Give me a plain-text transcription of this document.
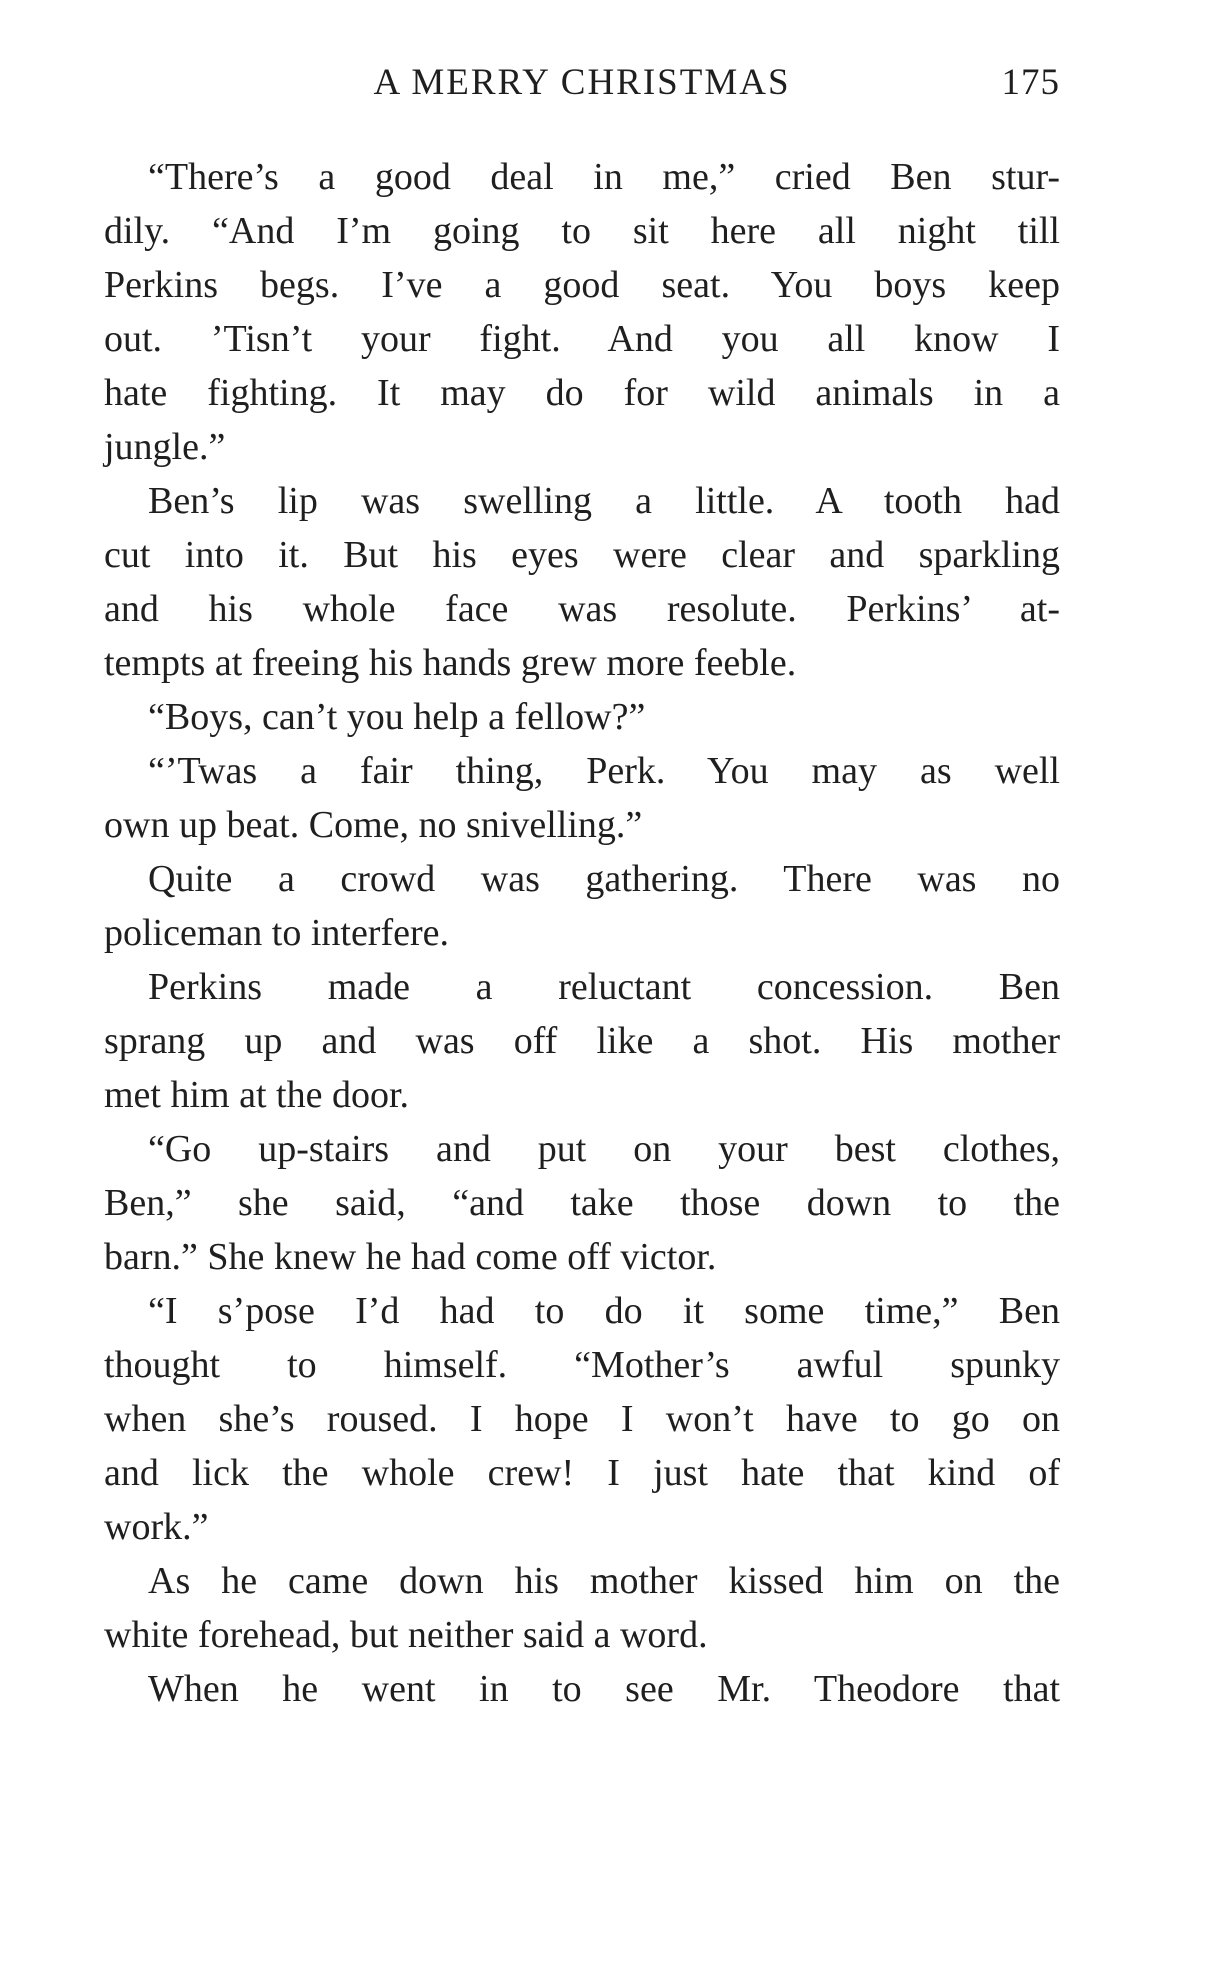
A MERRY CHRISTMAS	175
“There’s a good deal in me,” cried Ben stur-
dily. “And I’m going to sit here all night till
Perkins begs. I’ve a good seat. You boys keep
out. ’Tisn’t your fight. And you all know I
hate fighting. It may do for wild animals in a
jungle.”
Ben’s lip was swelling a little. A tooth had
cut into it. But his eyes were clear and sparkling
and his whole face was resolute. Perkins’ at-
tempts at freeing his hands grew more feeble.
“Boys, can’t you help a fellow?”
“’Twas a fair thing, Perk. You may as well
own up beat. Come, no snivelling.”
Quite a crowd was gathering. There was no
policeman to interfere.
Perkins made a reluctant concession. Ben
sprang up and was off like a shot. His mother
met him at the door.
“Go up-stairs and put on your best clothes,
Ben,” she said, “and take those down to the
barn.” She knew he had come off victor.
“I s’pose I’d had to do it some time,” Ben
thought to himself. “Mother’s awful spunky
when she’s roused. I hope I won’t have to go on
and lick the whole crew! I just hate that kind of
work.”
As he came down his mother kissed him on the
white forehead, but neither said a word.
When he went in to see Mr. Theodore that
